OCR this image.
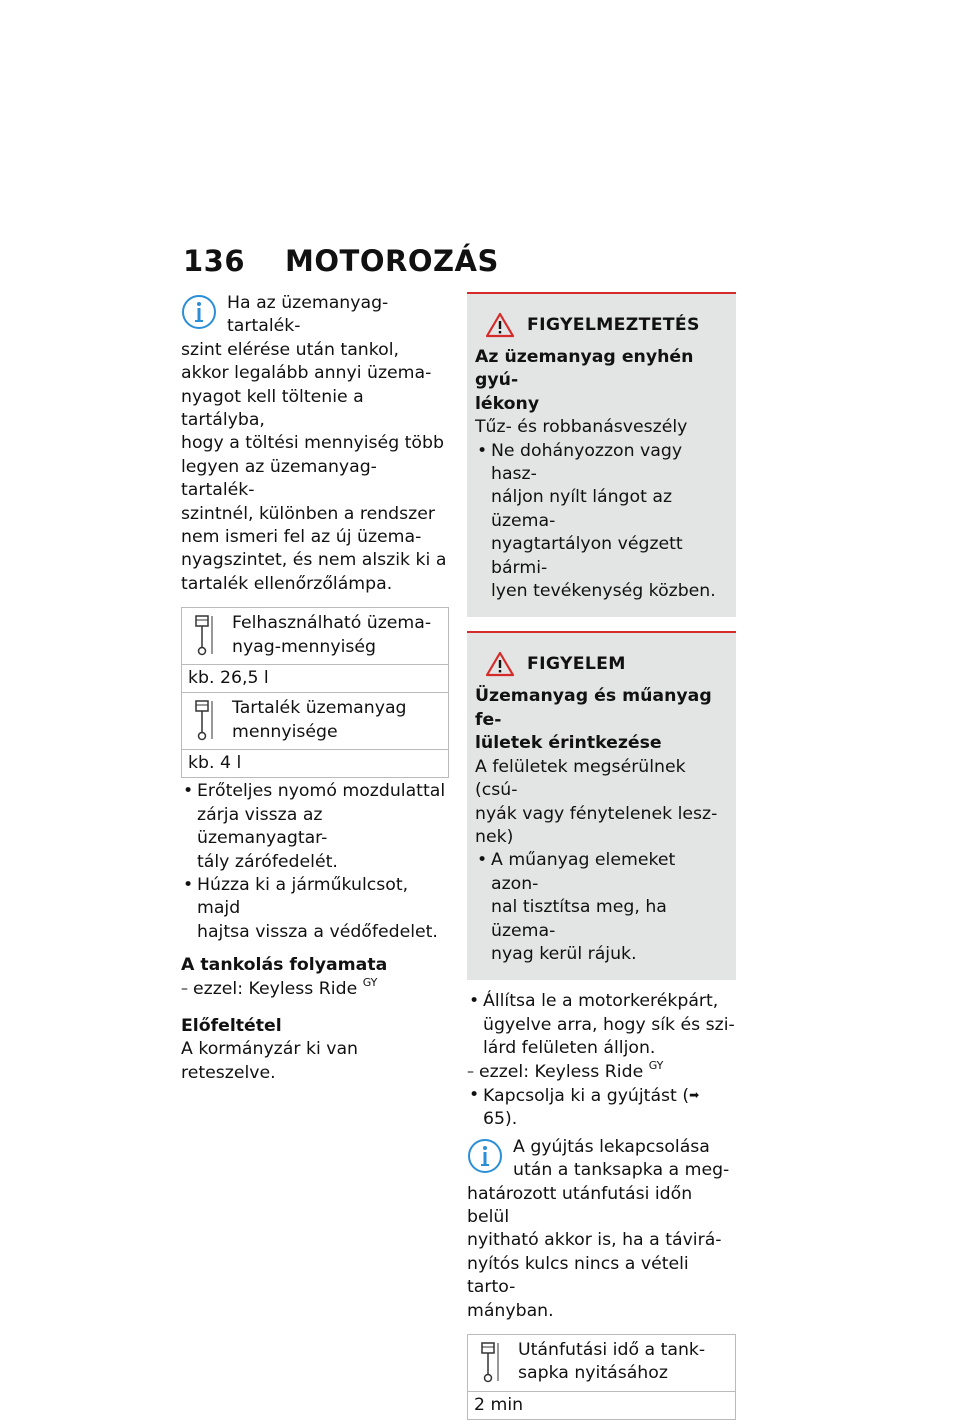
136 MOTOROZÁS
Ha az üzemanyag-tartalék-
szint elérése után tankol,
akkor legalább annyi üzema-
nyagot kell töltenie a tartályba,
hogy a töltési mennyiség több
legyen az üzemanyag-tartalék-
szintnél, különben a rendszer
nem ismeri fel az új üzema-
nyagszintet, és nem alszik ki a
tartalék ellenőrzőlámpa.
Felhasználható üzema-
nyag-mennyiség
kb. 26,5 l
Tartalék üzemanyag
mennyisége
kb. 4 l
• Erőteljes nyomó mozdulattal
zárja vissza az üzemanyagtar-
tály zárófedelét.
• Húzza ki a járműkulcsot, majd
hajtsa vissza a védőfedelet.
A tankolás folyamata
– ezzel: Keyless Ride $^{GY}$
Előfeltétel
A kormányzár ki van reteszelve.
FIGYELMEZTETÉS
Az üzemanyag enyhén gyú-
lékony
Tűz- és robbanásveszély
• Ne dohányozzon vagy hasz-
náljon nyílt lángot az üzema-
nyagtartályon végzett bármi-
lyen tevékenység közben.
FIGYELEM
Üzemanyag és műanyag fe-
lületek érintkezése
A felületek megsérülnek (csú-
nyák vagy fénytelenek lesz-
nek)
• A műanyag elemeket azon-
nal tisztítsa meg, ha üzema-
nyag kerül rájuk.
• Állítsa le a motorkerékpárt,
ügyelve arra, hogy sík és szi-
lárd felületen álljon.
– ezzel: Keyless Ride $^{GY}$
• Kapcsolja ki a gyújtást (➡ 65).
A gyújtás lekapcsolása
után a tanksapka a meg-
határozott utánfutási időn belül
nyitható akkor is, ha a távirá-
nyítós kulcs nincs a vételi tarto-
mányban.
Utánfutási idő a tank-
sapka nyitásához
2 min
